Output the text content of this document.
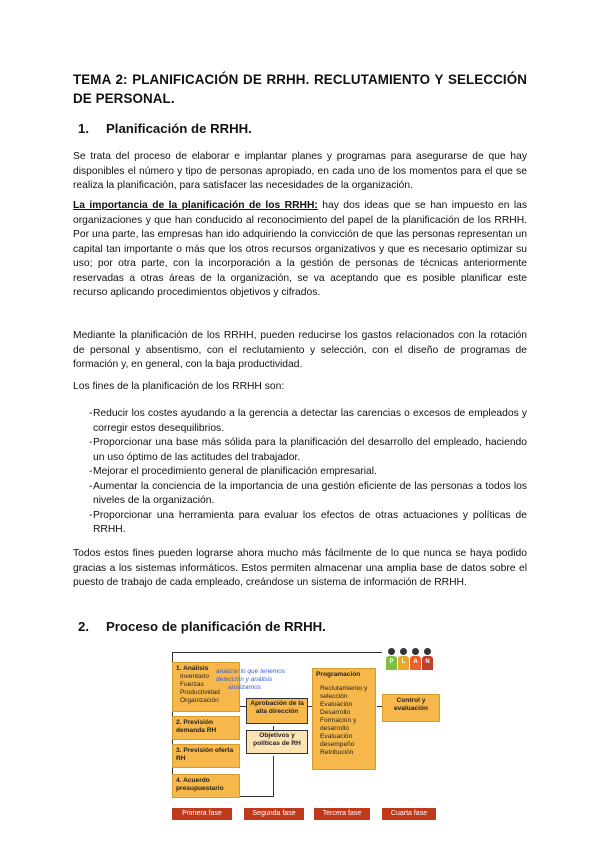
TEMA 2: PLANIFICACIÓN DE RRHH. RECLUTAMIENTO Y SELECCIÓN DE PERSONAL.
1. Planificación de RRHH.
Se trata del proceso de elaborar e implantar planes y programas para asegurarse de que hay disponibles el número y tipo de personas apropiado, en cada uno de los momentos para el que se realiza la planificación, para satisfacer las necesidades de la organización.
La importancia de la planificación de los RRHH: hay dos ideas que se han impuesto en las organizaciones y que han conducido al reconocimiento del papel de la planificación de los RRHH. Por una parte, las empresas han ido adquiriendo la convicción de que las personas representan un capital tan importante o más que los otros recursos organizativos y que es necesario optimizar su uso; por otra parte, con la incorporación a la gestión de personas de técnicas anteriormente reservadas a otras áreas de la organización, se va aceptando que es posible planificar este recurso aplicando procedimientos objetivos y cifrados.
Mediante la planificación de los RRHH, pueden reducirse los gastos relacionados con la rotación de personal y absentismo, con el reclutamiento y selección, con el diseño de programas de formación y, en general, con la baja productividad.
Los fines de la planificación de los RRHH son:
- Reducir los costes ayudando a la gerencia a detectar las carencias o excesos de empleados y corregir estos desequilibrios.
- Proporcionar una base más sólida para la planificación del desarrollo del empleado, haciendo un uso óptimo de las actitudes del trabajador.
- Mejorar el procedimiento general de planificación empresarial.
- Aumentar la conciencia de la importancia de una gestión eficiente de las personas a todos los niveles de la organización.
- Proporcionar una herramienta para evaluar los efectos de otras actuaciones y políticas de RRHH.
Todos estos fines pueden lograrse ahora mucho más fácilmente de lo que nunca se haya podido gracias a los sistemas informáticos. Estos permiten almacenar una amplia base de datos sobre el puesto de trabajo de cada empleado, creándose un sistema de información de RRHH.
2. Proceso de planificación de RRHH.
1. Análisis
Inventario
Fuerzas
Productividad
Organización
analizar lo que tenemos
detección y análisis
analizamos
2. Previsión demanda RH
3. Previsión oferta RH
4. Acuerdo presupuestario
Aprobación de la alta dirección
Objetivos y políticas de RH
Programación
Reclutamiento y selección
Evaluación
Desarrollo
Formación y desarrollo
Evaluación desempeño
Retribución
Control y evaluación
P	L	A	N
Primera fase	Segunda fase	Tercera fase	Cuarta fase
